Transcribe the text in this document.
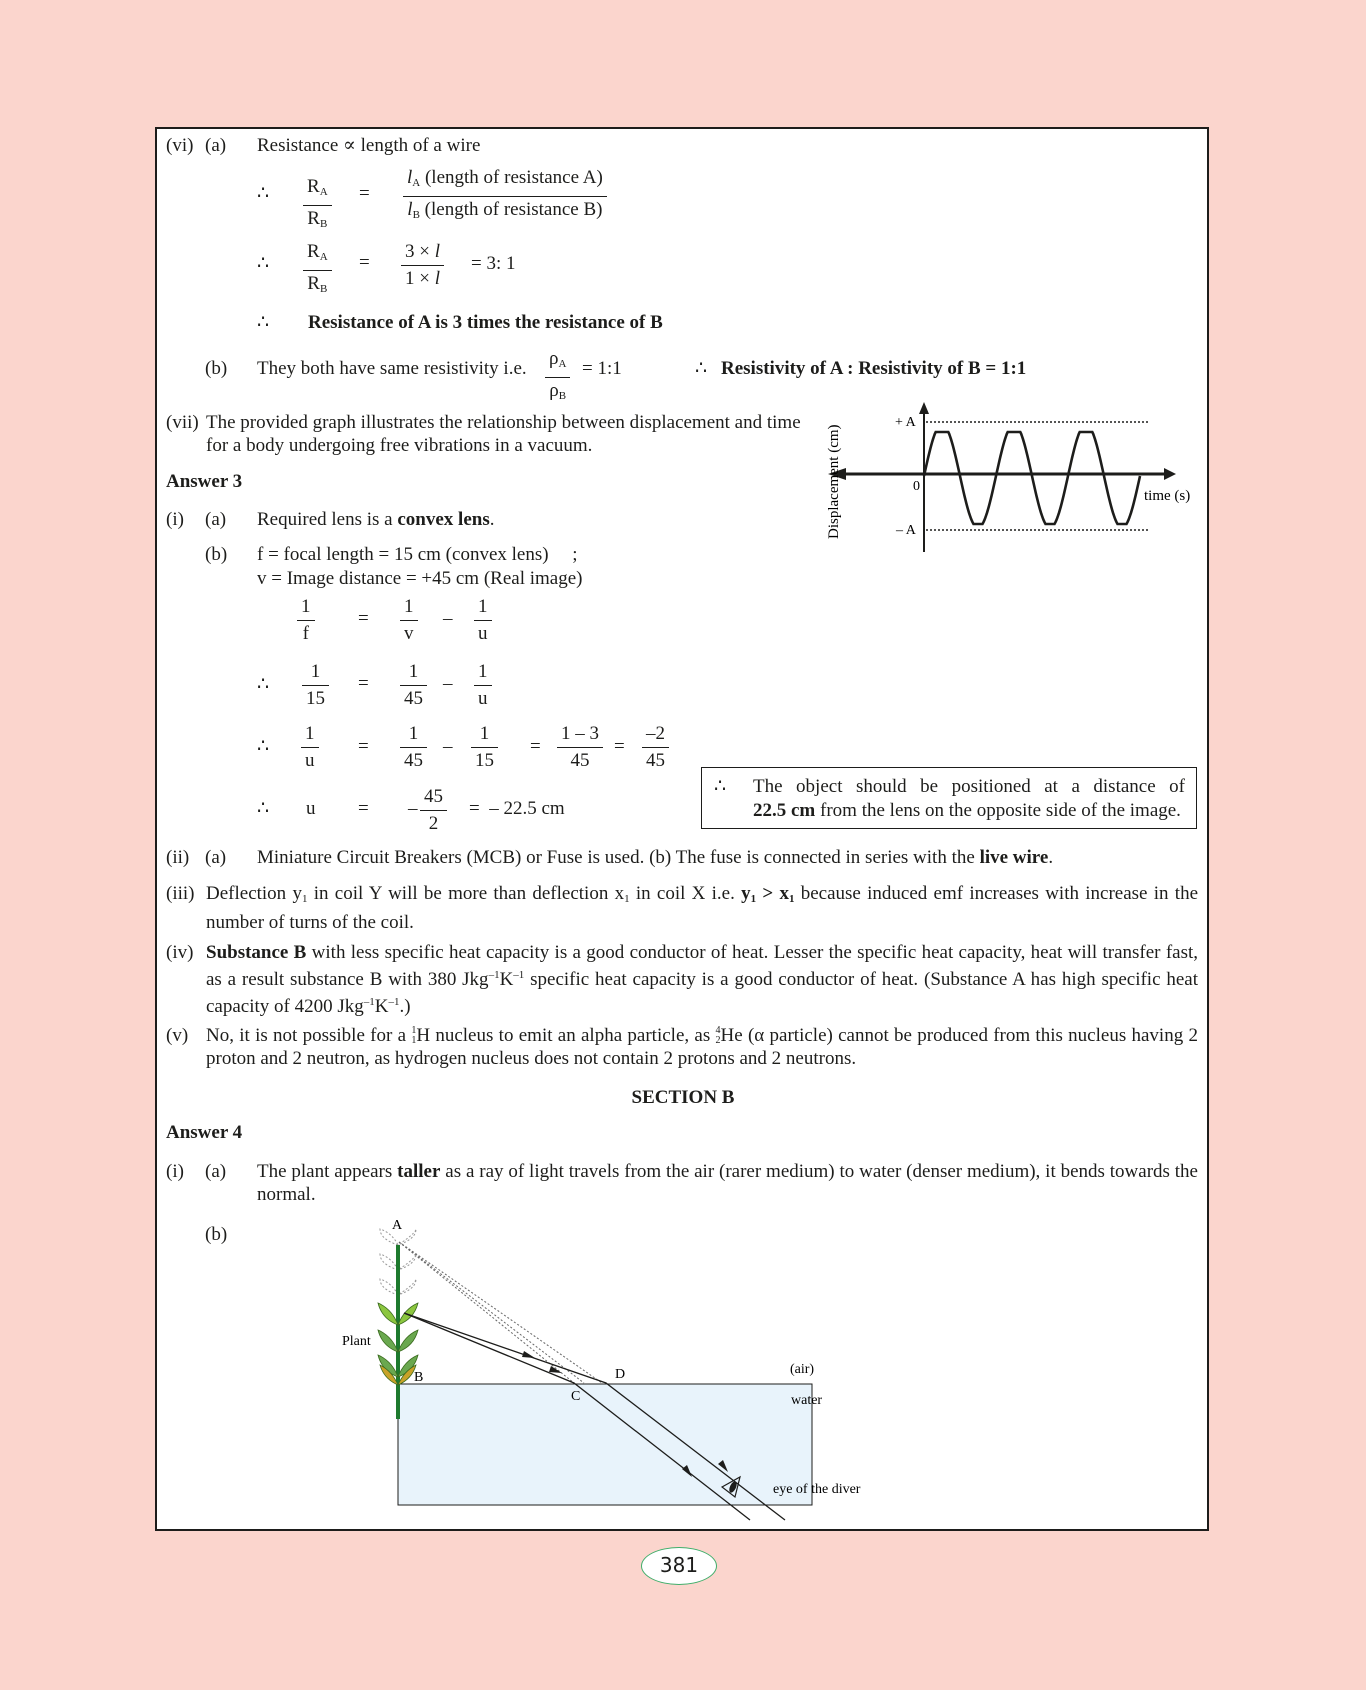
(vi) (a) Resistance ∝ length of a wire
∴ $\frac{R_A}{R_B}$ =
$l_A$ (length of resistance A)
$l_B$ (length of resistance B)
∴ $\frac{R_A}{R_B} = \frac{3 \times l}{1 \times l} = 3$: 1
∴ Resistance of A is 3 times the resistance of B
(b) They both have same resistivity i.e. $\frac{\rho_A}{\rho_B}$ = 1:1	∴ Resistivity of A : Resistivity of B = 1:1
(vii) The provided graph illustrates the relationship between displacement and time
for a body undergoing free vibrations in a vacuum.
+ A
– A
0
time (s)
Displacement (cm)
Answer 3
(i) (a) Required lens is a convex lens.
(b) f = focal length = 15 cm (convex lens)     ;
v = Image distance = +45 cm (Real image)
$\frac{1}{f} = \frac{1}{v} - \frac{1}{u}$
∴ $\frac{1}{15} = \frac{1}{45} - \frac{1}{u}$
∴ $\frac{1}{u} = \frac{1}{45} - \frac{1}{15} = \frac{1 - 3}{45} = \frac{-2}{45}$
∴ u = – $\frac{45}{2}$ =  – 22.5 cm
∴ The object should be positioned at a distance of
22.5 cm from the lens on the opposite side of the image.
(ii) (a) Miniature Circuit Breakers (MCB) or Fuse is used. (b) The fuse is connected in series with the live wire.
(iii) Deflection $y_1$ in coil Y will be more than deflection $x_1$ in coil X i.e. $y_1 > x_1$ because induced emf increases with increase in the number of turns of the coil.
(iv) Substance B with less specific heat capacity is a good conductor of heat. Lesser the specific heat capacity, heat will transfer fast, as a result substance B with 380 $Jkg^{-1}K^{-1}$ specific heat capacity is a good conductor of heat. (Substance A has high specific heat capacity of 4200 $Jkg^{-1}K^{-1}$.)
(v) No, it is not possible for a 1
1H nucleus to emit an alpha particle, as 4
2He (α particle) cannot be produced from this nucleus having 2 proton and 2 neutron, as hydrogen nucleus does not contain 2 protons and 2 neutrons.
SECTION B
Answer 4
(i) (a) The plant appears taller as a ray of light travels from the air (rarer medium) to water (denser medium), it bends towards the normal.
(b)	A
B
C
D
Plant
(air)
water
eye of the diver
381
